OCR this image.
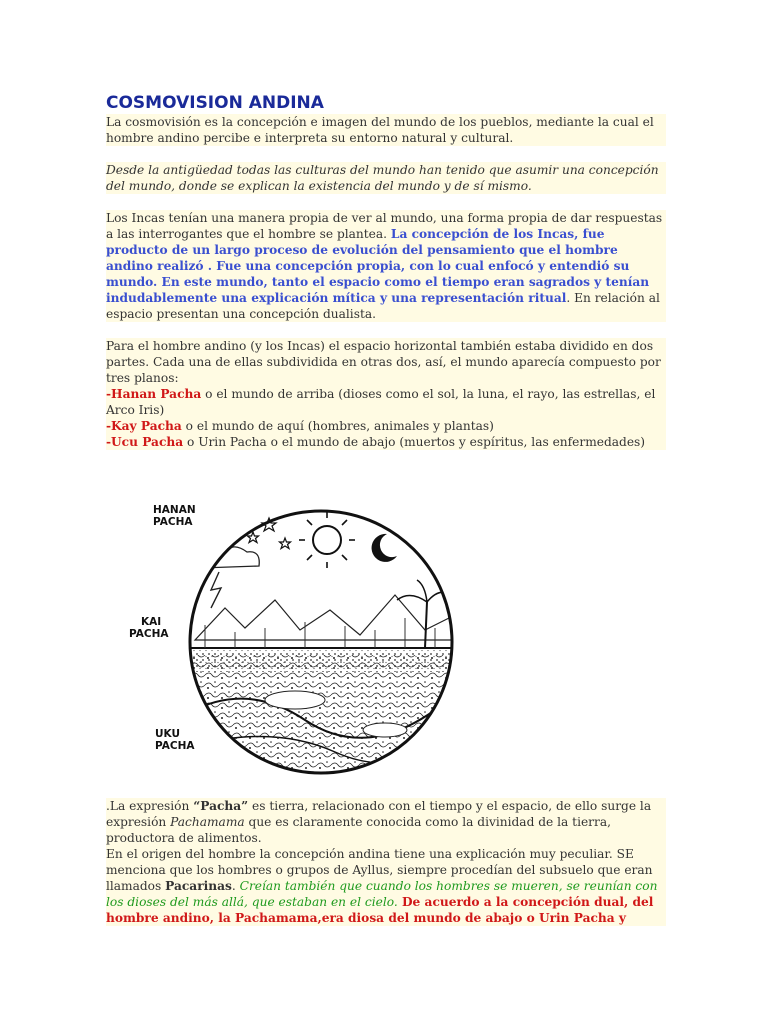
COSMOVISION ANDINA

La cosmovisión es la concepción e imagen del mundo de los pueblos, mediante la cual el hombre andino percibe e interpreta su entorno natural y cultural.

Desde la antigüedad todas las culturas del mundo han tenido que asumir una concepción del mundo, donde se explican la existencia del mundo y de sí mismo.

Los Incas tenían una manera propia de ver al mundo, una forma propia de dar respuestas a las interrogantes que el hombre se plantea. La concepción de los Incas, fue producto de un largo proceso de evolución del pensamiento que el hombre andino realizó . Fue una concepción propia, con lo cual enfocó y entendió su mundo. En este mundo, tanto el espacio como el tiempo eran sagrados y tenían indudablemente una explicación mítica y una representación ritual. En relación al espacio presentan una concepción dualista.

Para el hombre andino (y los Incas) el espacio horizontal también estaba dividido en dos partes. Cada una de ellas subdividida en otras dos, así, el mundo aparecía compuesto por tres planos:
-Hanan Pacha o el mundo de arriba (dioses como el sol, la luna, el rayo, las estrellas, el Arco Iris)
-Kay Pacha o el mundo de aquí (hombres, animales y plantas)
-Ucu Pacha o Urin Pacha o el mundo de abajo (muertos y espíritus, las enfermedades)

HANAN
PACHA
KAI
PACHA
UKU
PACHA

.La expresión “Pacha” es tierra, relacionado con el tiempo y el espacio, de ello surge la expresión Pachamama que es claramente conocida como la divinidad de la tierra, productora de alimentos.

En el origen del hombre la concepción andina tiene una explicación muy peculiar. SE menciona que los hombres o grupos de Ayllus, siempre procedían del subsuelo que eran llamados Pacarinas. Creían también que cuando los hombres se mueren, se reunían con los dioses del más allá, que estaban en el cielo. De acuerdo a la concepción dual, del hombre andino, la Pachamama,era diosa del mundo de abajo o Urin Pacha y
